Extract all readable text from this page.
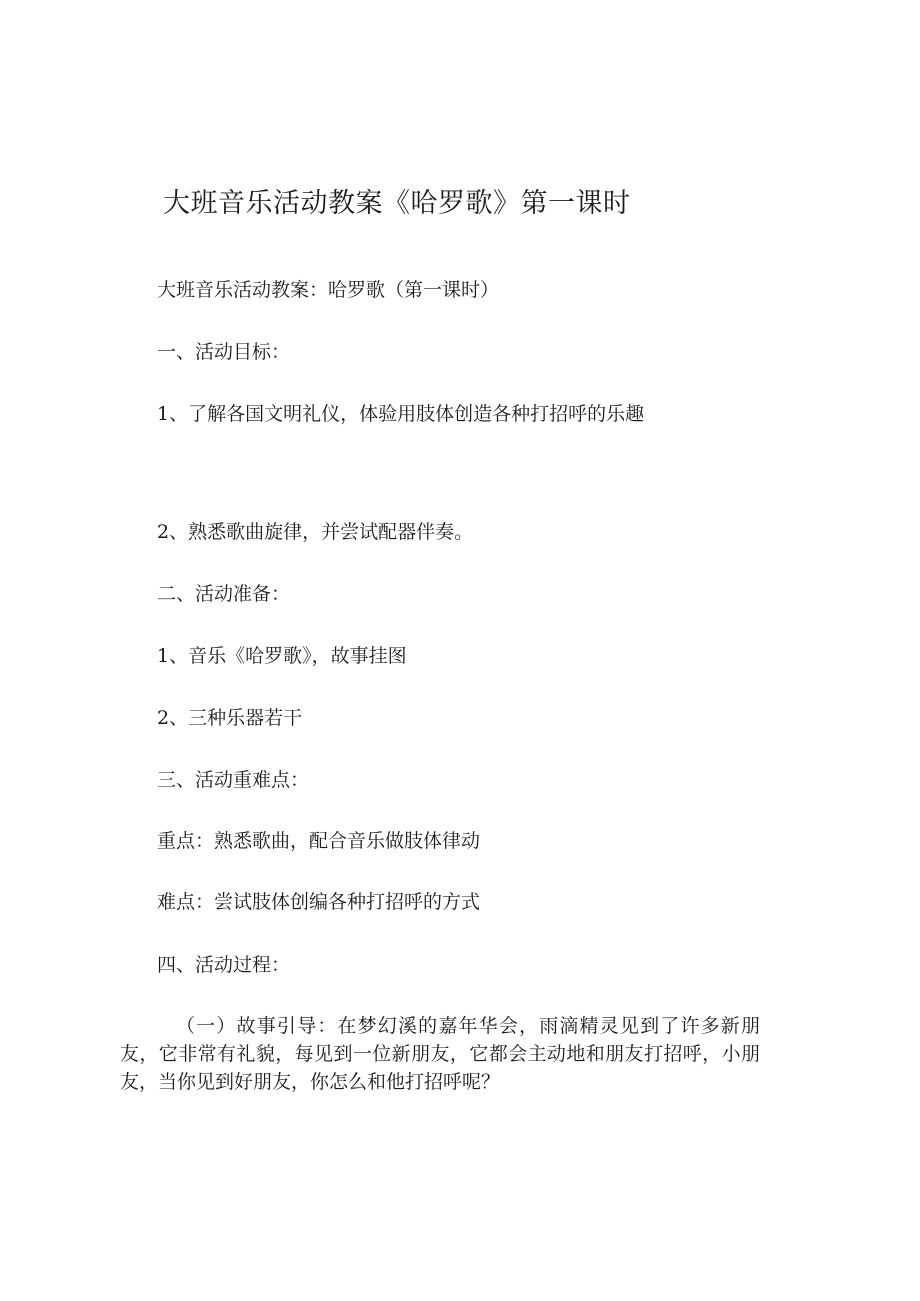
大班音乐活动教案《哈罗歌》第一课时
大班音乐活动教案：哈罗歌（第一课时）
一、活动目标：
1、了解各国文明礼仪，体验用肢体创造各种打招呼的乐趣
2、熟悉歌曲旋律，并尝试配器伴奏。
二、活动准备：
1、音乐《哈罗歌》，故事挂图
2、三种乐器若干
三、活动重难点：
重点：熟悉歌曲，配合音乐做肢体律动
难点：尝试肢体创编各种打招呼的方式
四、活动过程：
（一）故事引导：在梦幻溪的嘉年华会，雨滴精灵见到了许多新朋友，它非常有礼貌，每见到一位新朋友，它都会主动地和朋友打招呼，小朋友，当你见到好朋友，你怎么和他打招呼呢？
